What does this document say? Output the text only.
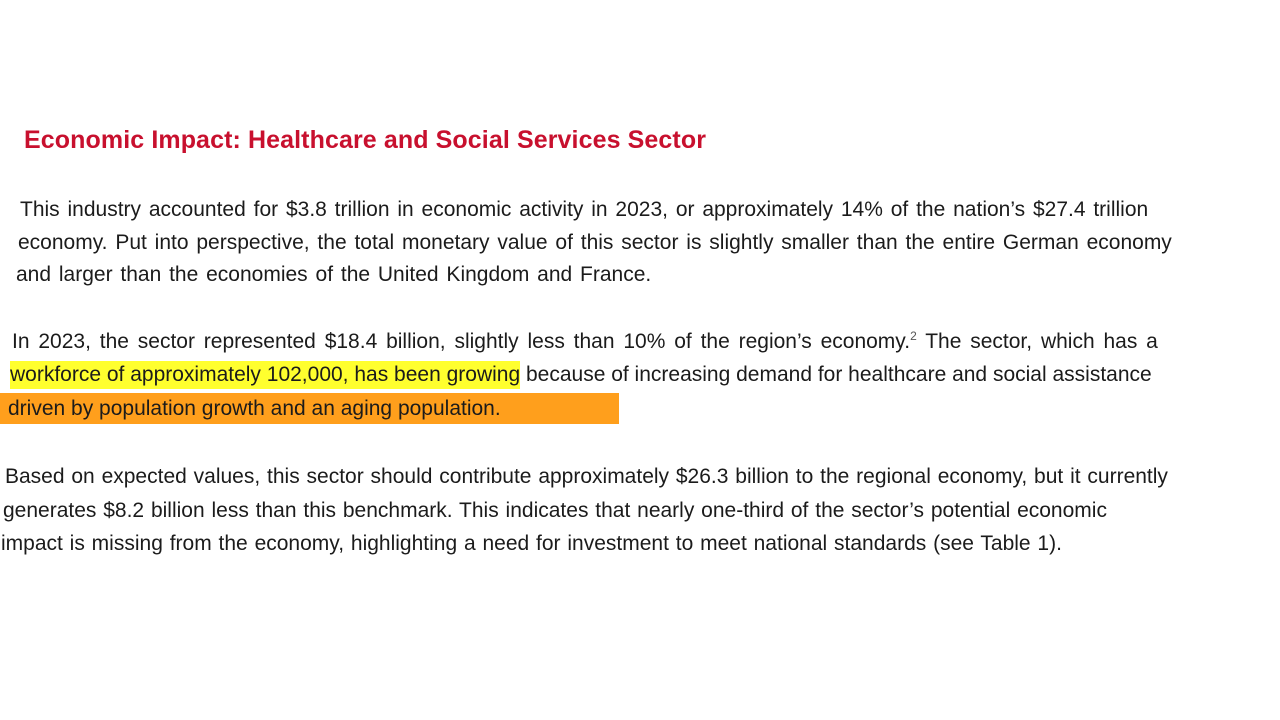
Economic Impact: Healthcare and Social Services Sector
This industry accounted for $3.8 trillion in economic activity in 2023, or approximately 14% of the nation’s $27.4 trillion
economy. Put into perspective, the total monetary value of this sector is slightly smaller than the entire German economy
and larger than the economies of the United Kingdom and France.
In 2023, the sector represented $18.4 billion, slightly less than 10% of the region’s economy.$^2$ The sector, which has a
workforce of approximately 102,000, has been growing because of increasing demand for healthcare and social assistance
driven by population growth and an aging population.
Based on expected values, this sector should contribute approximately $26.3 billion to the regional economy, but it currently
generates $8.2 billion less than this benchmark. This indicates that nearly one-third of the sector’s potential economic
impact is missing from the economy, highlighting a need for investment to meet national standards (see Table 1).
